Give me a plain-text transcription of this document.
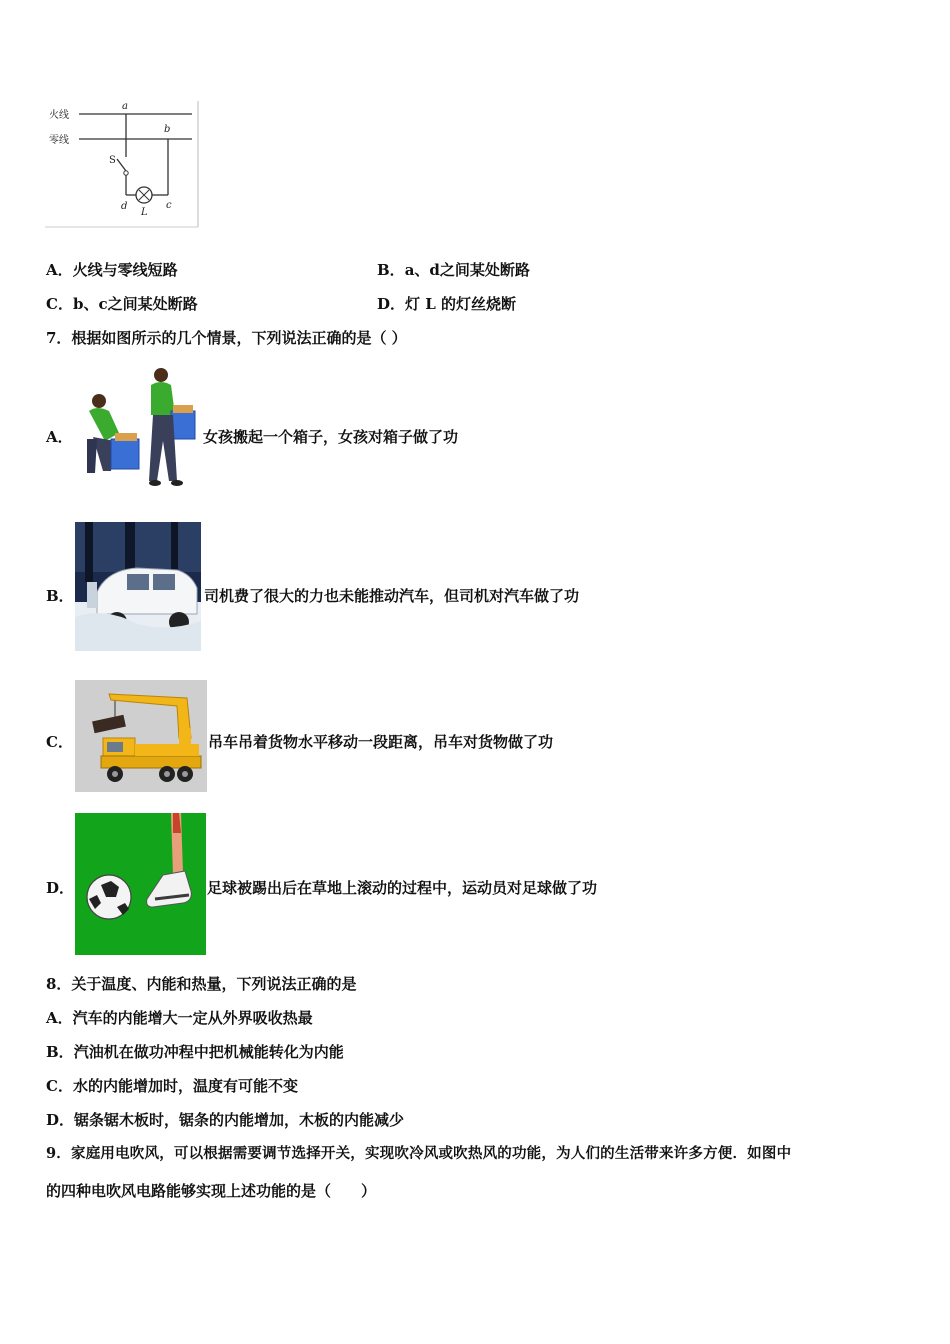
火线
零线
a
b
S
d
L
c
A．火线与零线短路	B．a、d之间某处断路
C．b、c之间某处断路	D．灯 L 的灯丝烧断
7．根据如图所示的几个情景，下列说法正确的是（ ）
A．	女孩搬起一个箱子，女孩对箱子做了功
B．	司机费了很大的力也未能推动汽车，但司机对汽车做了功
C．	吊车吊着货物水平移动一段距离，吊车对货物做了功
D．	足球被踢出后在草地上滚动的过程中，运动员对足球做了功
8．关于温度、内能和热量，下列说法正确的是
A．汽车的内能增大一定从外界吸收热最
B．汽油机在做功冲程中把机械能转化为内能
C．水的内能增加时，温度有可能不变
D．锯条锯木板时，锯条的内能增加，木板的内能减少
9．家庭用电吹风，可以根据需要调节选择开关，实现吹冷风或吹热风的功能，为人们的生活带来许多方便．如图中
的四种电吹风电路能够实现上述功能的是（　　）
